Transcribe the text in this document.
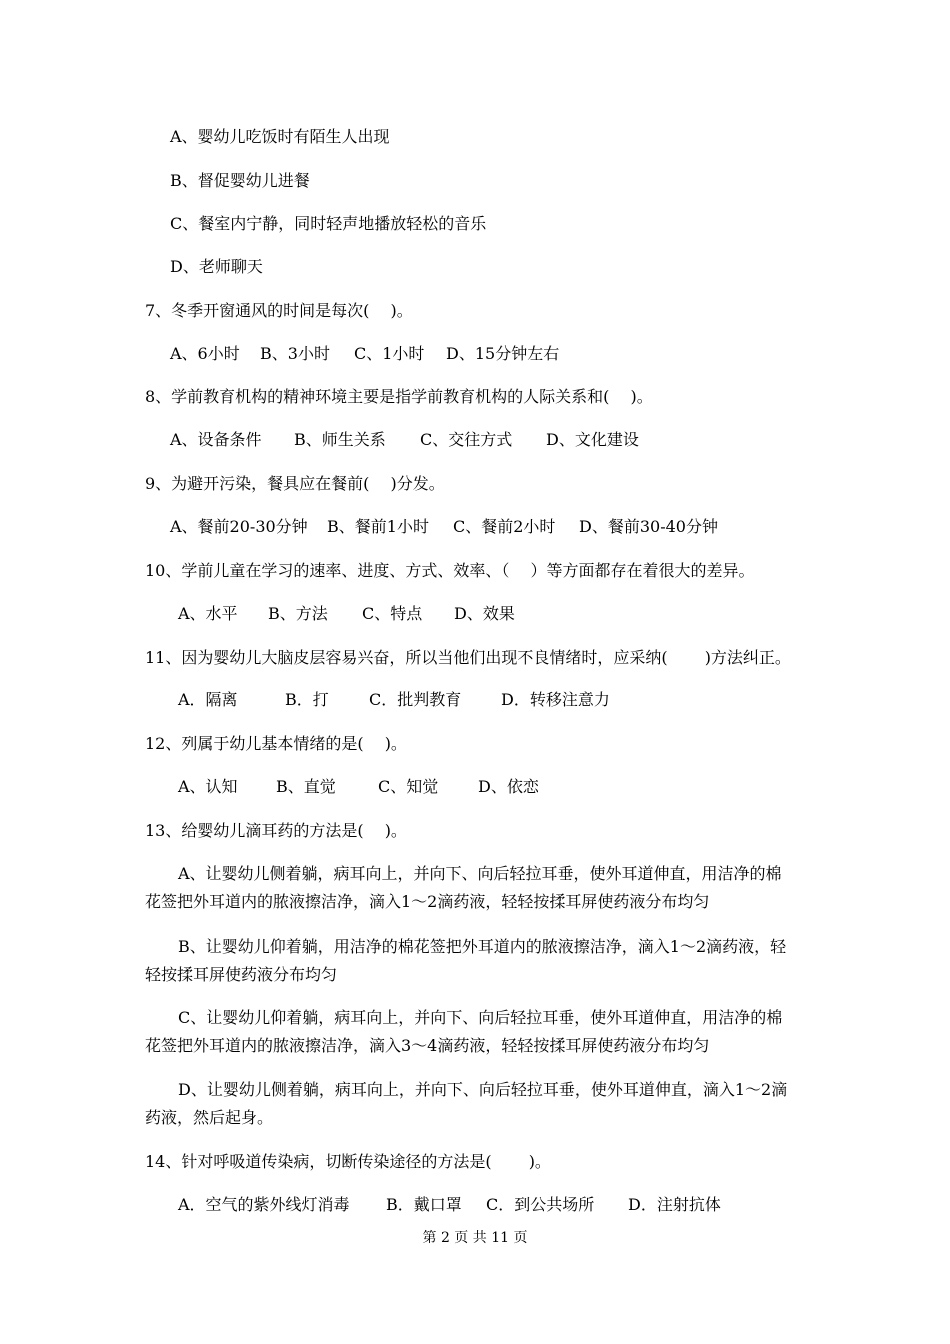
A、婴幼儿吃饭时有陌生人出现
B、督促婴幼儿进餐
C、餐室内宁静，同时轻声地播放轻松的音乐
D、老师聊天
7、冬季开窗通风的时间是每次(　 )。
A、6小时 B、3小时 C、1小时 D、15分钟左右
8、学前教育机构的精神环境主要是指学前教育机构的人际关系和(　 )。
A、设备条件 B、师生关系 C、交往方式 D、文化建设
9、为避开污染，餐具应在餐前(　 )分发。
A、餐前20-30分钟 B、餐前1小时 C、餐前2小时 D、餐前30-40分钟
10、学前儿童在学习的速率、进度、方式、效率、（　 ）等方面都存在着很大的差异。
A、水平 B、方法 C、特点 D、效果
11、因为婴幼儿大脑皮层容易兴奋，所以当他们出现不良情绪时，应采纳(　　 )方法纠正。
A．隔离	B．打	C．批判教育 D．转移注意力
12、列属于幼儿基本情绪的是(　 )。
A、认知 B、直觉	C、知觉 D、依恋
13、给婴幼儿滴耳药的方法是(　 )。
A、让婴幼儿侧着躺，病耳向上，并向下、向后轻拉耳垂，使外耳道伸直，用洁净的棉
花签把外耳道内的脓液擦洁净，滴入1～2滴药液，轻轻按揉耳屏使药液分布均匀
B、让婴幼儿仰着躺，用洁净的棉花签把外耳道内的脓液擦洁净，滴入1～2滴药液，轻
轻按揉耳屏使药液分布均匀
C、让婴幼儿仰着躺，病耳向上，并向下、向后轻拉耳垂，使外耳道伸直，用洁净的棉
花签把外耳道内的脓液擦洁净，滴入3～4滴药液，轻轻按揉耳屏使药液分布均匀
D、让婴幼儿侧着躺，病耳向上，并向下、向后轻拉耳垂，使外耳道伸直，滴入1～2滴
药液，然后起身。
14、针对呼吸道传染病，切断传染途径的方法是(　　 )。
A．空气的紫外线灯消毒 B．戴口罩 C．到公共场所 D．注射抗体
第 2 页 共 11 页
